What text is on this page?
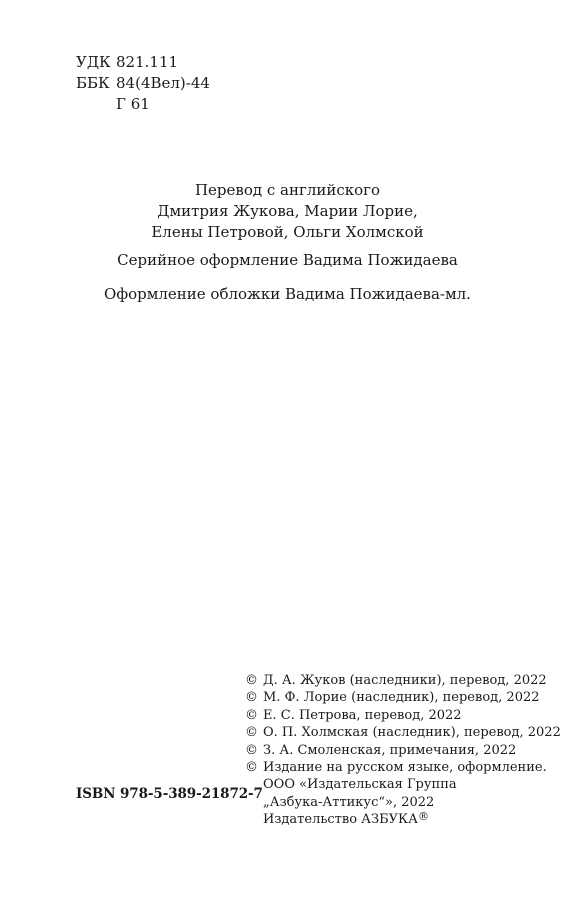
УДК 821.111
ББК 84(4Вел)-44
Г 61
Перевод с английского
Дмитрия Жукова, Марии Лорие,
Елены Петровой, Ольги Холмской
Серийное оформление Вадима Пожидаева
Оформление обложки Вадима Пожидаева-мл.
© Д. А. Жуков (наследники), перевод, 2022
© М. Ф. Лорие (наследник), перевод, 2022
© Е. С. Петрова, перевод, 2022
© О. П. Холмская (наследник), перевод, 2022
© З. А. Смоленская, примечания, 2022
© Издание на русском языке, оформление.
ООО «Издательская Группа
„Азбука-Аттикус“», 2022
Издательство АЗБУКА®
ISBN 978-5-389-21872-7
